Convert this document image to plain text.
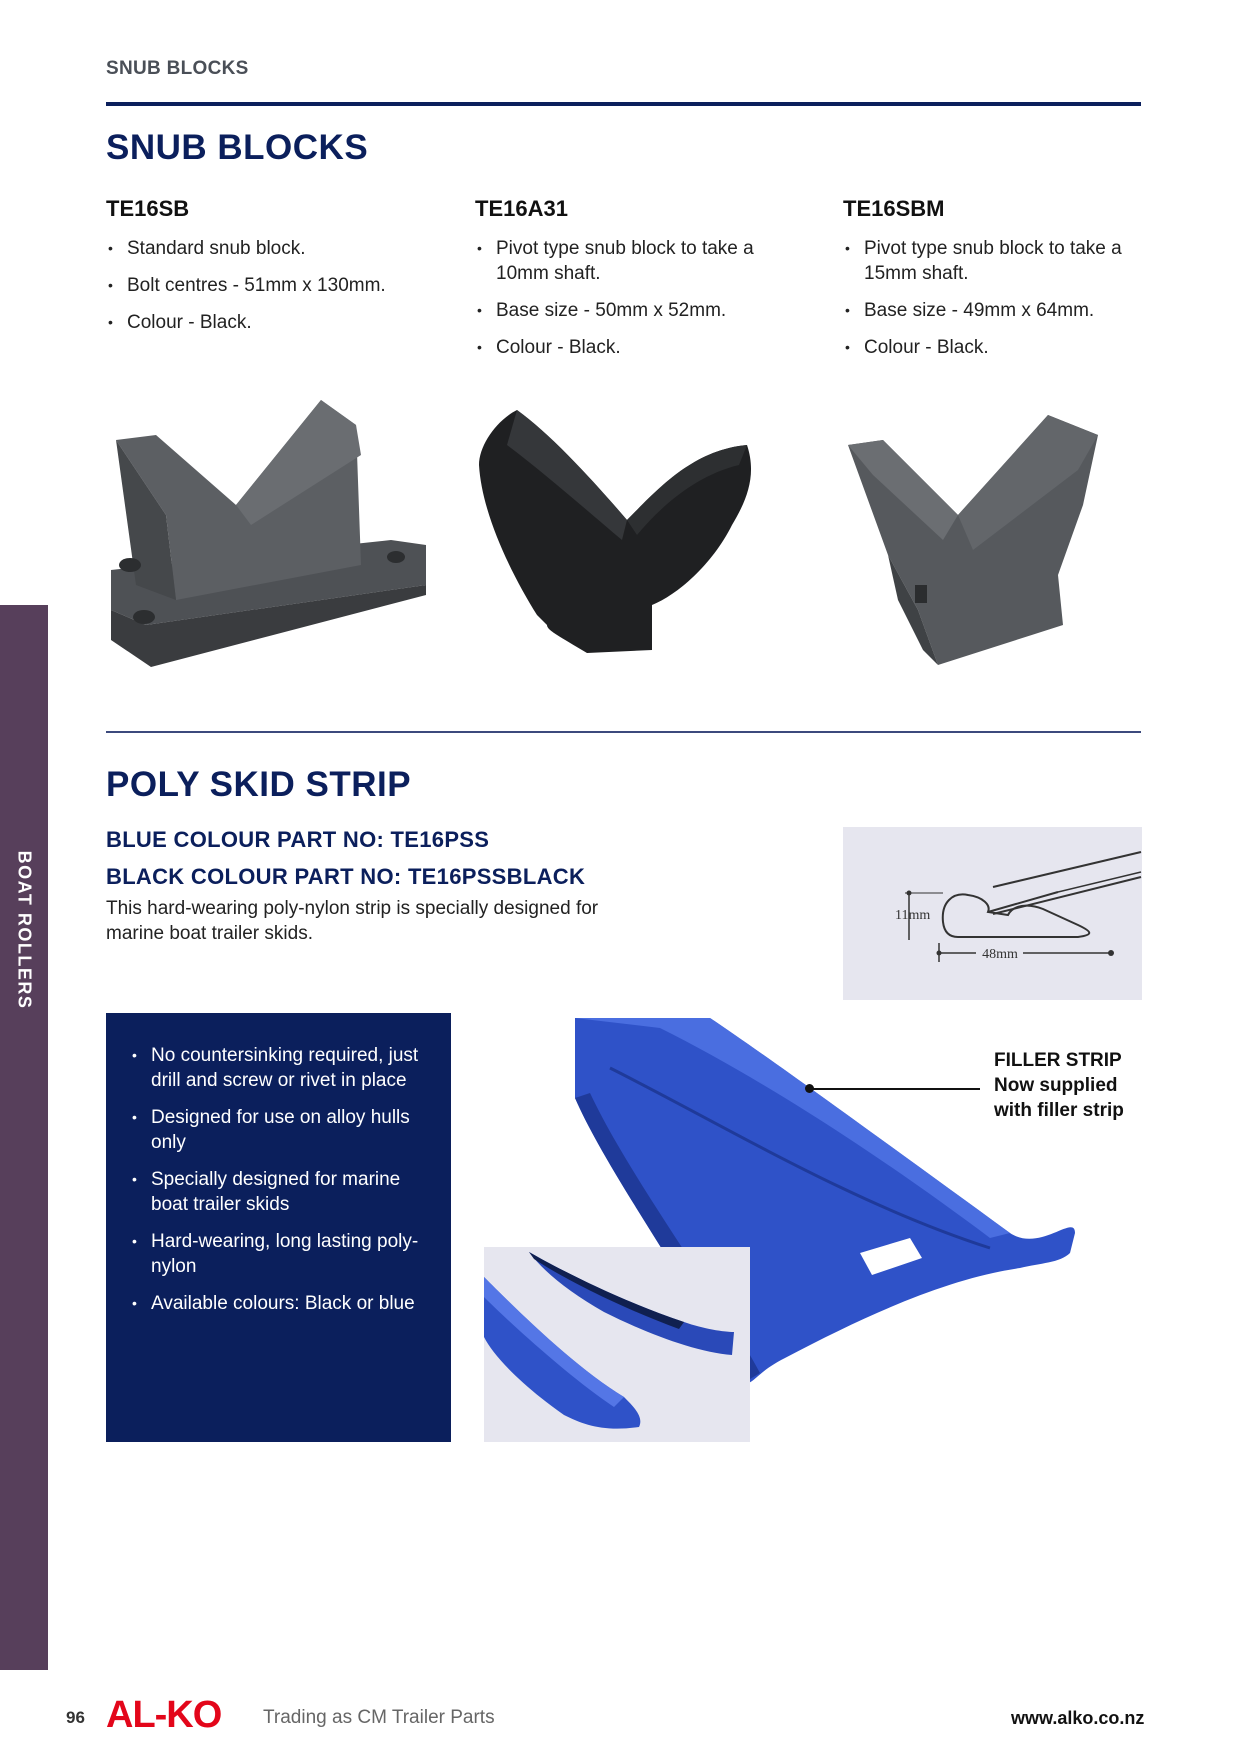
SNUB BLOCKS
SNUB BLOCKS
TE16SB
• Standard snub block.
• Bolt centres - 51mm x 130mm.
• Colour - Black.
TE16A31
• Pivot type snub block to take a 10mm shaft.
• Base size - 50mm x 52mm.
• Colour - Black.
TE16SBM
• Pivot type snub block to take a 15mm shaft.
• Base size - 49mm x 64mm.
• Colour - Black.
BOAT ROLLERS
POLY SKID STRIP
BLUE COLOUR PART NO: TE16PSS
BLACK COLOUR PART NO: TE16PSSBLACK
This hard-wearing poly-nylon strip is specially designed for marine boat trailer skids.
11mm
48mm
• No countersinking required, just drill and screw or rivet in place
• Designed for use on alloy hulls only
• Specially designed for marine boat trailer skids
• Hard-wearing, long lasting poly-nylon
• Available colours: Black or blue
FILLER STRIP
Now supplied
with filler strip
96 AL-KO Trading as CM Trailer Parts	www.alko.co.nz
